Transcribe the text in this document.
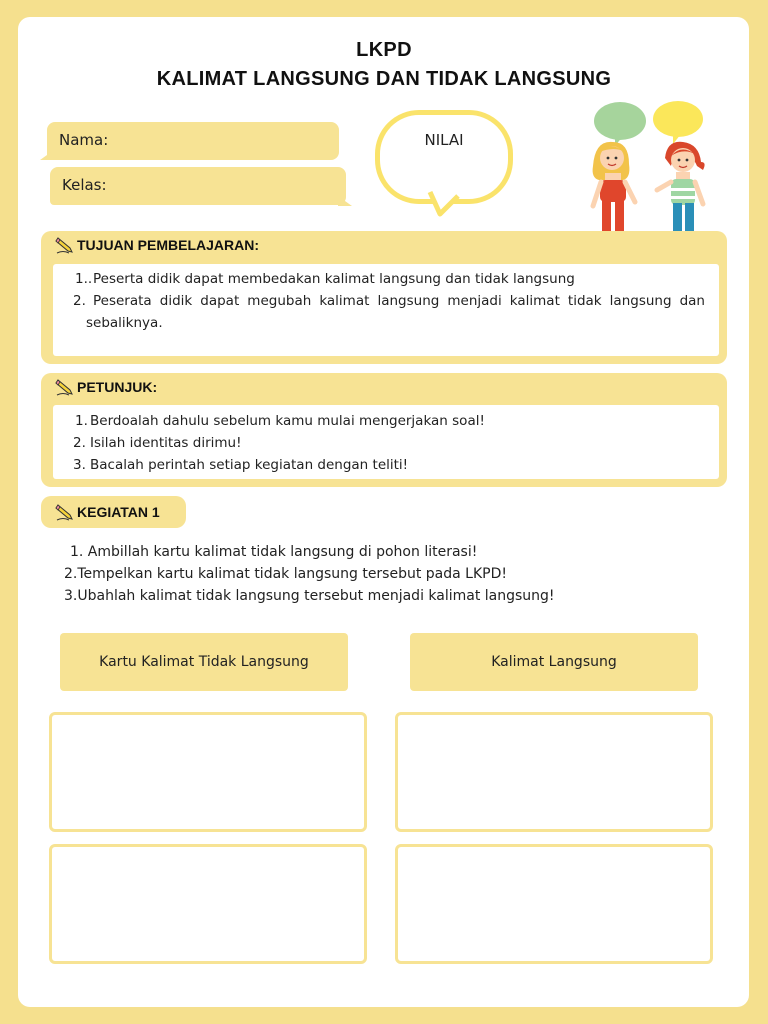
LKPD
KALIMAT LANGSUNG DAN TIDAK LANGSUNG
Nama:
Kelas:
NILAI
TUJUAN PEMBELAJARAN:
1.. Peserta didik dapat membedakan kalimat langsung dan tidak langsung
2. Peserata didik dapat megubah kalimat langsung menjadi kalimat tidak langsung dan sebaliknya.
PETUNJUK:
1. Berdoalah dahulu sebelum kamu mulai mengerjakan soal!
2. Isilah identitas dirimu!
3. Bacalah perintah setiap kegiatan dengan teliti!
KEGIATAN 1
1. Ambillah kartu kalimat tidak langsung di pohon literasi!
2.Tempelkan kartu kalimat tidak langsung tersebut pada LKPD!
3.Ubahlah kalimat tidak langsung tersebut menjadi kalimat langsung!
Kartu Kalimat Tidak Langsung	Kalimat Langsung
